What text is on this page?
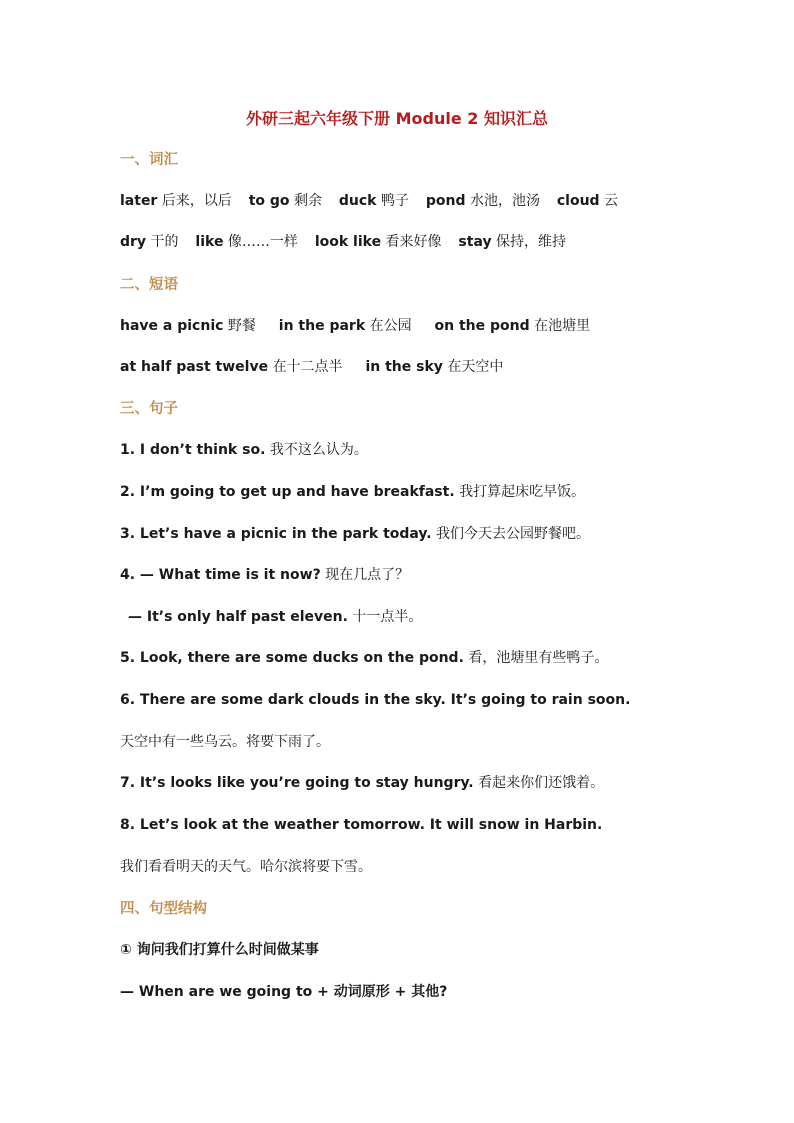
外研三起六年级下册 Module 2 知识汇总
一、词汇
later 后来，以后 to go 剩余 duck 鸭子 pond 水池，池汤 cloud 云
dry 干的 like 像……一样 look like 看来好像 stay 保持，维持
二、短语
have a picnic 野餐 in the park 在公园 on the pond 在池塘里
at half past twelve 在十二点半 in the sky 在天空中
三、句子
1. I don’t think so. 我不这么认为。
2. I’m going to get up and have breakfast. 我打算起床吃早饭。
3. Let’s have a picnic in the park today. 我们今天去公园野餐吧。
4. — What time is it now? 现在几点了？
— It’s only half past eleven. 十一点半。
5. Look, there are some ducks on the pond. 看，池塘里有些鸭子。
6. There are some dark clouds in the sky. It’s going to rain soon.
天空中有一些乌云。将要下雨了。
7. It’s looks like you’re going to stay hungry. 看起来你们还饿着。
8. Let’s look at the weather tomorrow. It will snow in Harbin.
我们看看明天的天气。哈尔滨将要下雪。
四、句型结构
① 询问我们打算什么时间做某事
— When are we going to + 动词原形 + 其他?
